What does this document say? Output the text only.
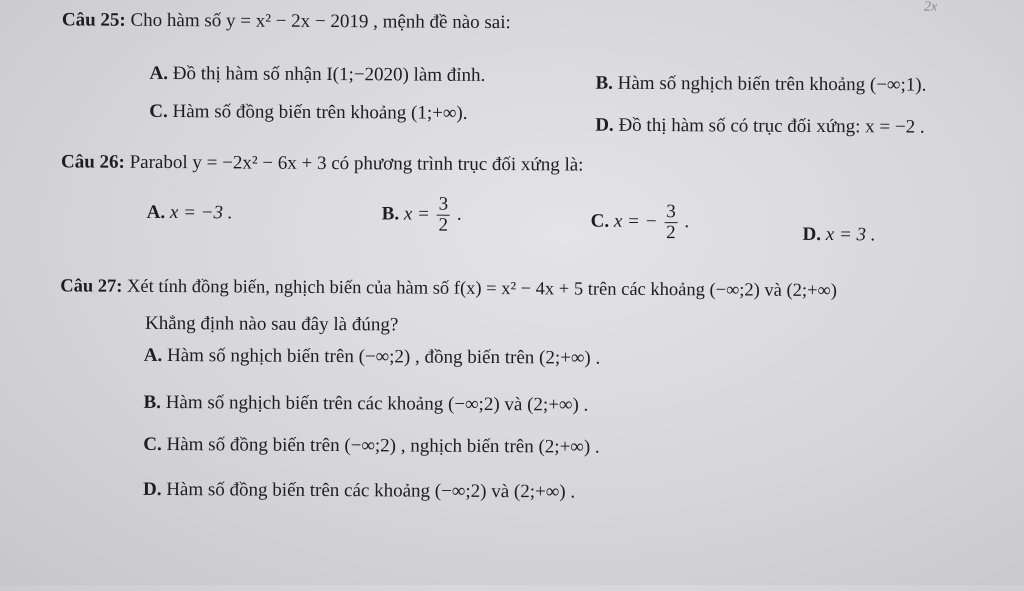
2x
Câu 25: Cho hàm số y = x² − 2x − 2019 , mệnh đề nào sai:
A. Đồ thị hàm số nhận I(1;−2020) làm đỉnh.	B. Hàm số nghịch biến trên khoảng (−∞;1).
C. Hàm số đồng biến trên khoảng (1;+∞).
D. Đồ thị hàm số có trục đối xứng: x = −2 .
Câu 26: Parabol y = −2x² − 6x + 3 có phương trình trục đối xứng là:
A. x = −3 .	B. $x = \frac{3}{2}$ .	C. x = − $\frac{3}{2}$ .
D. x = 3 .
Câu 27: Xét tính đồng biến, nghịch biến của hàm số f(x) = x² − 4x + 5 trên các khoảng (−∞;2) và (2;+∞)
Khẳng định nào sau đây là đúng?
A. Hàm số nghịch biến trên (−∞;2) , đồng biến trên (2;+∞) .
B. Hàm số nghịch biến trên các khoảng (−∞;2) và (2;+∞) .
C. Hàm số đồng biến trên (−∞;2) , nghịch biến trên (2;+∞) .
D. Hàm số đồng biến trên các khoảng (−∞;2) và (2;+∞) .
